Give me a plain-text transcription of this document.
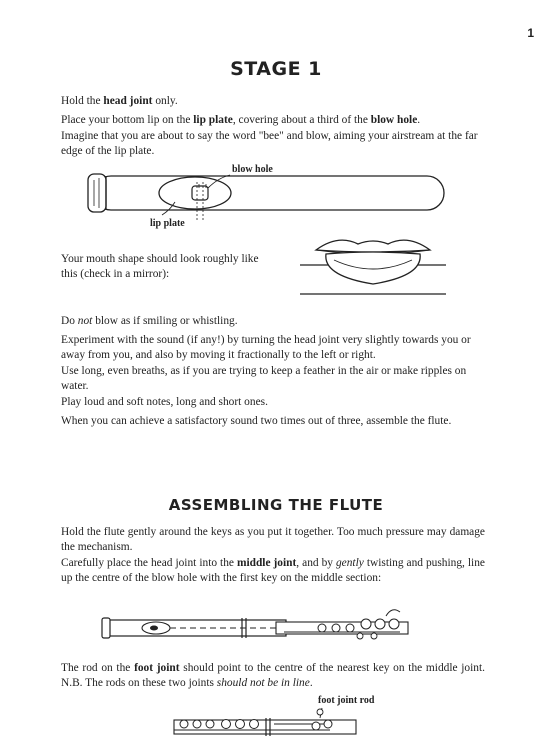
1
STAGE 1

Hold the head joint only.

Place your bottom lip on the lip plate, covering about a third of the blow hole.

Imagine that you are about to say the word "bee" and blow, aiming your airstream at the far edge of the lip plate.

blow hole
lip plate

Your mouth shape should look roughly like this (check in a mirror):

Do not blow as if smiling or whistling.

Experiment with the sound (if any!) by turning the head joint very slightly towards you or away from you, and also by moving it fractionally to the left or right.

Use long, even breaths, as if you are trying to keep a feather in the air or make ripples on water.

Play loud and soft notes, long and short ones.

When you can achieve a satisfactory sound two times out of three, assemble the flute.

ASSEMBLING THE FLUTE

Hold the flute gently around the keys as you put it together. Too much pressure may damage the mechanism.

Carefully place the head joint into the middle joint, and by gently twisting and pushing, line up the centre of the blow hole with the first key on the middle section:

The rod on the foot joint should point to the centre of the nearest key on the middle joint. N.B. The rods on these two joints should not be in line.

foot joint rod
